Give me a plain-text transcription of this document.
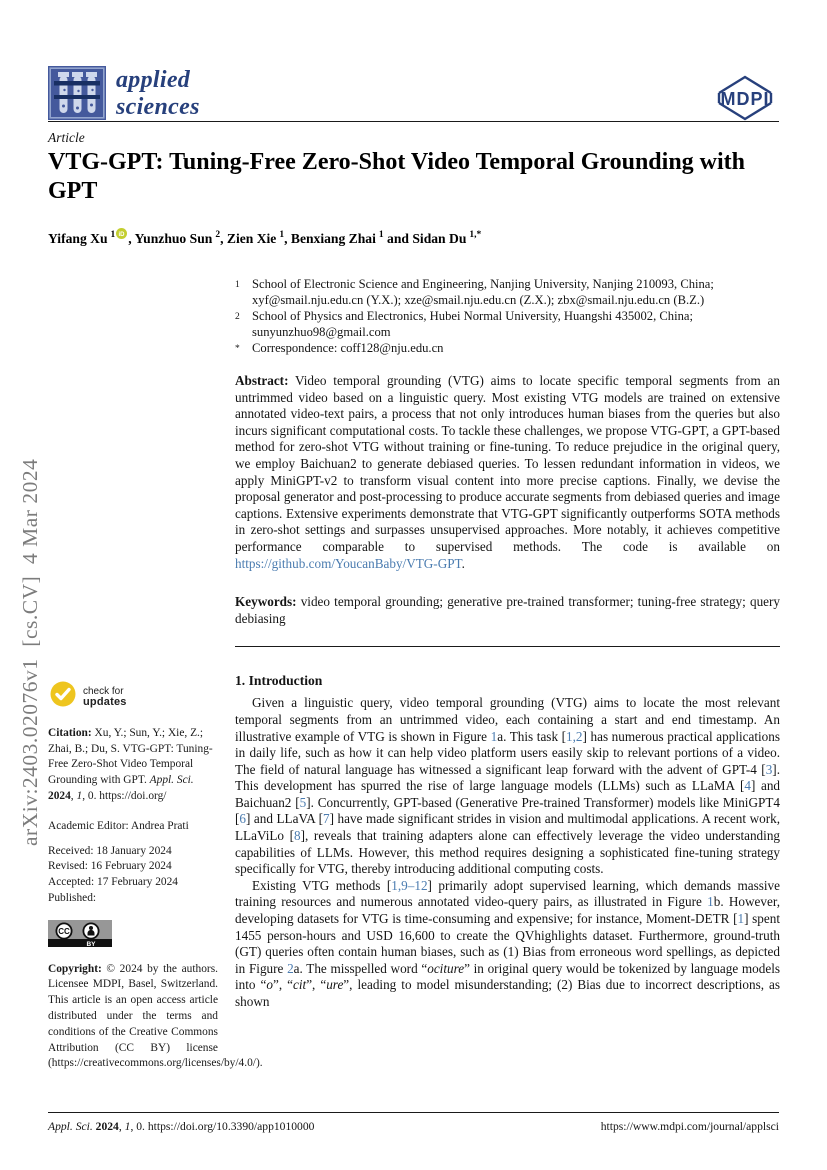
applied
sciences	MDPI
Article
VTG-GPT: Tuning-Free Zero-Shot Video Temporal Grounding with GPT
Yifang Xu $^1$ iD , Yunzhuo Sun $^2$, Zien Xie $^1$, Benxiang Zhai $^1$ and Sidan Du $^{1,*}$
1 School of Electronic Science and Engineering, Nanjing University, Nanjing 210093, China; xyf@smail.nju.edu.cn (Y.X.); xze@smail.nju.edu.cn (Z.X.); zbx@smail.nju.edu.cn (B.Z.)
2 School of Physics and Electronics, Hubei Normal University, Huangshi 435002, China; sunyunzhuo98@gmail.com
* Correspondence: coff128@nju.edu.cn
Abstract: Video temporal grounding (VTG) aims to locate specific temporal segments from an untrimmed video based on a linguistic query. Most existing VTG models are trained on extensive annotated video-text pairs, a process that not only introduces human biases from the queries but also incurs significant computational costs. To tackle these challenges, we propose VTG-GPT, a GPT-based method for zero-shot VTG without training or fine-tuning. To reduce prejudice in the original query, we employ Baichuan2 to generate debiased queries. To lessen redundant information in videos, we apply MiniGPT-v2 to transform visual content into more precise captions. Finally, we devise the proposal generator and post-processing to produce accurate segments from debiased queries and image captions. Extensive experiments demonstrate that VTG-GPT significantly outperforms SOTA methods in zero-shot settings and surpasses unsupervised approaches. More notably, it achieves competitive performance comparable to supervised methods. The code is available on https://github.com/YoucanBaby/VTG-GPT.
Keywords: video temporal grounding; generative pre-trained transformer; tuning-free strategy; query debiasing
1. Introduction
Given a linguistic query, video temporal grounding (VTG) aims to locate the most relevant temporal segments from an untrimmed video, each containing a start and end timestamp. An illustrative example of VTG is shown in Figure 1a. This task [1,2] has numerous practical applications in daily life, such as how it can help video platform users easily skip to relevant portions of a video. The field of natural language has witnessed a significant leap forward with the advent of GPT-4 [3]. This development has spurred the rise of large language models (LLMs) such as LLaMA [4] and Baichuan2 [5]. Concurrently, GPT-based (Generative Pre-trained Transformer) models like MiniGPT4 [6] and LLaVA [7] have made significant strides in vision and multimodal applications. A recent work, LLaViLo [8], reveals that training adapters alone can effectively leverage the video understanding capabilities of LLMs. However, this method requires designing a sophisticated fine-tuning strategy specifically for VTG, thereby introducing additional computing costs.
Existing VTG methods [1,9–12] primarily adopt supervised learning, which demands massive training resources and numerous annotated video-query pairs, as illustrated in Figure 1b. However, developing datasets for VTG is time-consuming and expensive; for instance, Moment-DETR [1] spent 1455 person-hours and USD 16,600 to create the QVhighlights dataset. Furthermore, ground-truth (GT) queries often contain human biases, such as (1) Bias from erroneous word spellings, as depicted in Figure 2a. The misspelled word “ociture” in original query would be tokenized by language models into “o”, “cit”, “ure”, leading to model misunderstanding; (2) Bias due to incorrect descriptions, as shown
check for
updates
Citation: Xu, Y.; Sun, Y.; Xie, Z.; Zhai, B.; Du, S. VTG-GPT: Tuning-Free Zero-Shot Video Temporal Grounding with GPT. Appl. Sci. 2024, 1, 0. https://doi.org/
Academic Editor: Andrea Prati
Received: 18 January 2024
Revised: 16 February 2024
Accepted: 17 February 2024
Published:
CC
BY
Copyright: © 2024 by the authors. Licensee MDPI, Basel, Switzerland. This article is an open access article distributed under the terms and conditions of the Creative Commons Attribution (CC BY) license (https://creativecommons.org/licenses/by/4.0/).
arXiv:2403.02076v1  [cs.CV]  4 Mar 2024
Appl. Sci. 2024, 1, 0. https://doi.org/10.3390/app1010000	https://www.mdpi.com/journal/applsci
